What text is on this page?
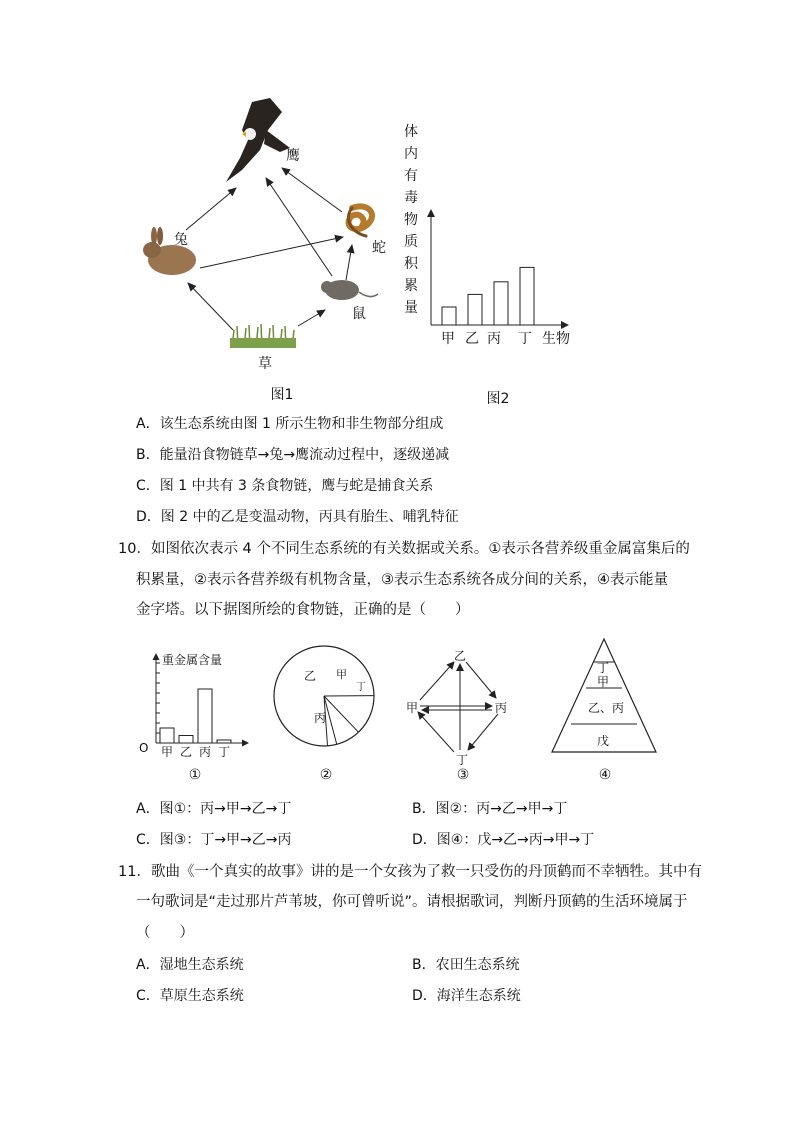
鹰
兔	蛇
鼠
草
图1
体
内
有
毒
物
质
积
累
量
甲 乙 丙 丁 生物
图2
A．该生态系统由图 1 所示生物和非生物部分组成
B．能量沿食物链草→兔→鹰流动过程中，逐级递减
C．图 1 中共有 3 条食物链，鹰与蛇是捕食关系
D．图 2 中的乙是变温动物，丙具有胎生、哺乳特征
10．如图依次表示 4 个不同生态系统的有关数据或关系。①表示各营养级重金属富集后的
积累量，②表示各营养级有机物含量，③表示生态系统各成分间的关系，④表示能量
金字塔。以下据图所绘的食物链，正确的是（　　）
重金属含量
甲 乙 丙 丁
O
①
乙 甲
丁
丙
②
乙
甲	丙
丁
③
丁
甲
乙、丙
戊
④
A．图①：丙→甲→乙→丁	B．图②：丙→乙→甲→丁
C．图③：丁→甲→乙→丙	D．图④：戊→乙→丙→甲→丁
11．歌曲《一个真实的故事》讲的是一个女孩为了救一只受伤的丹顶鹤而不幸牺牲。其中有
一句歌词是“走过那片芦苇坡，你可曾听说”。请根据歌词，判断丹顶鹤的生活环境属于
（　　）
A．湿地生态系统	B．农田生态系统
C．草原生态系统	D．海洋生态系统
